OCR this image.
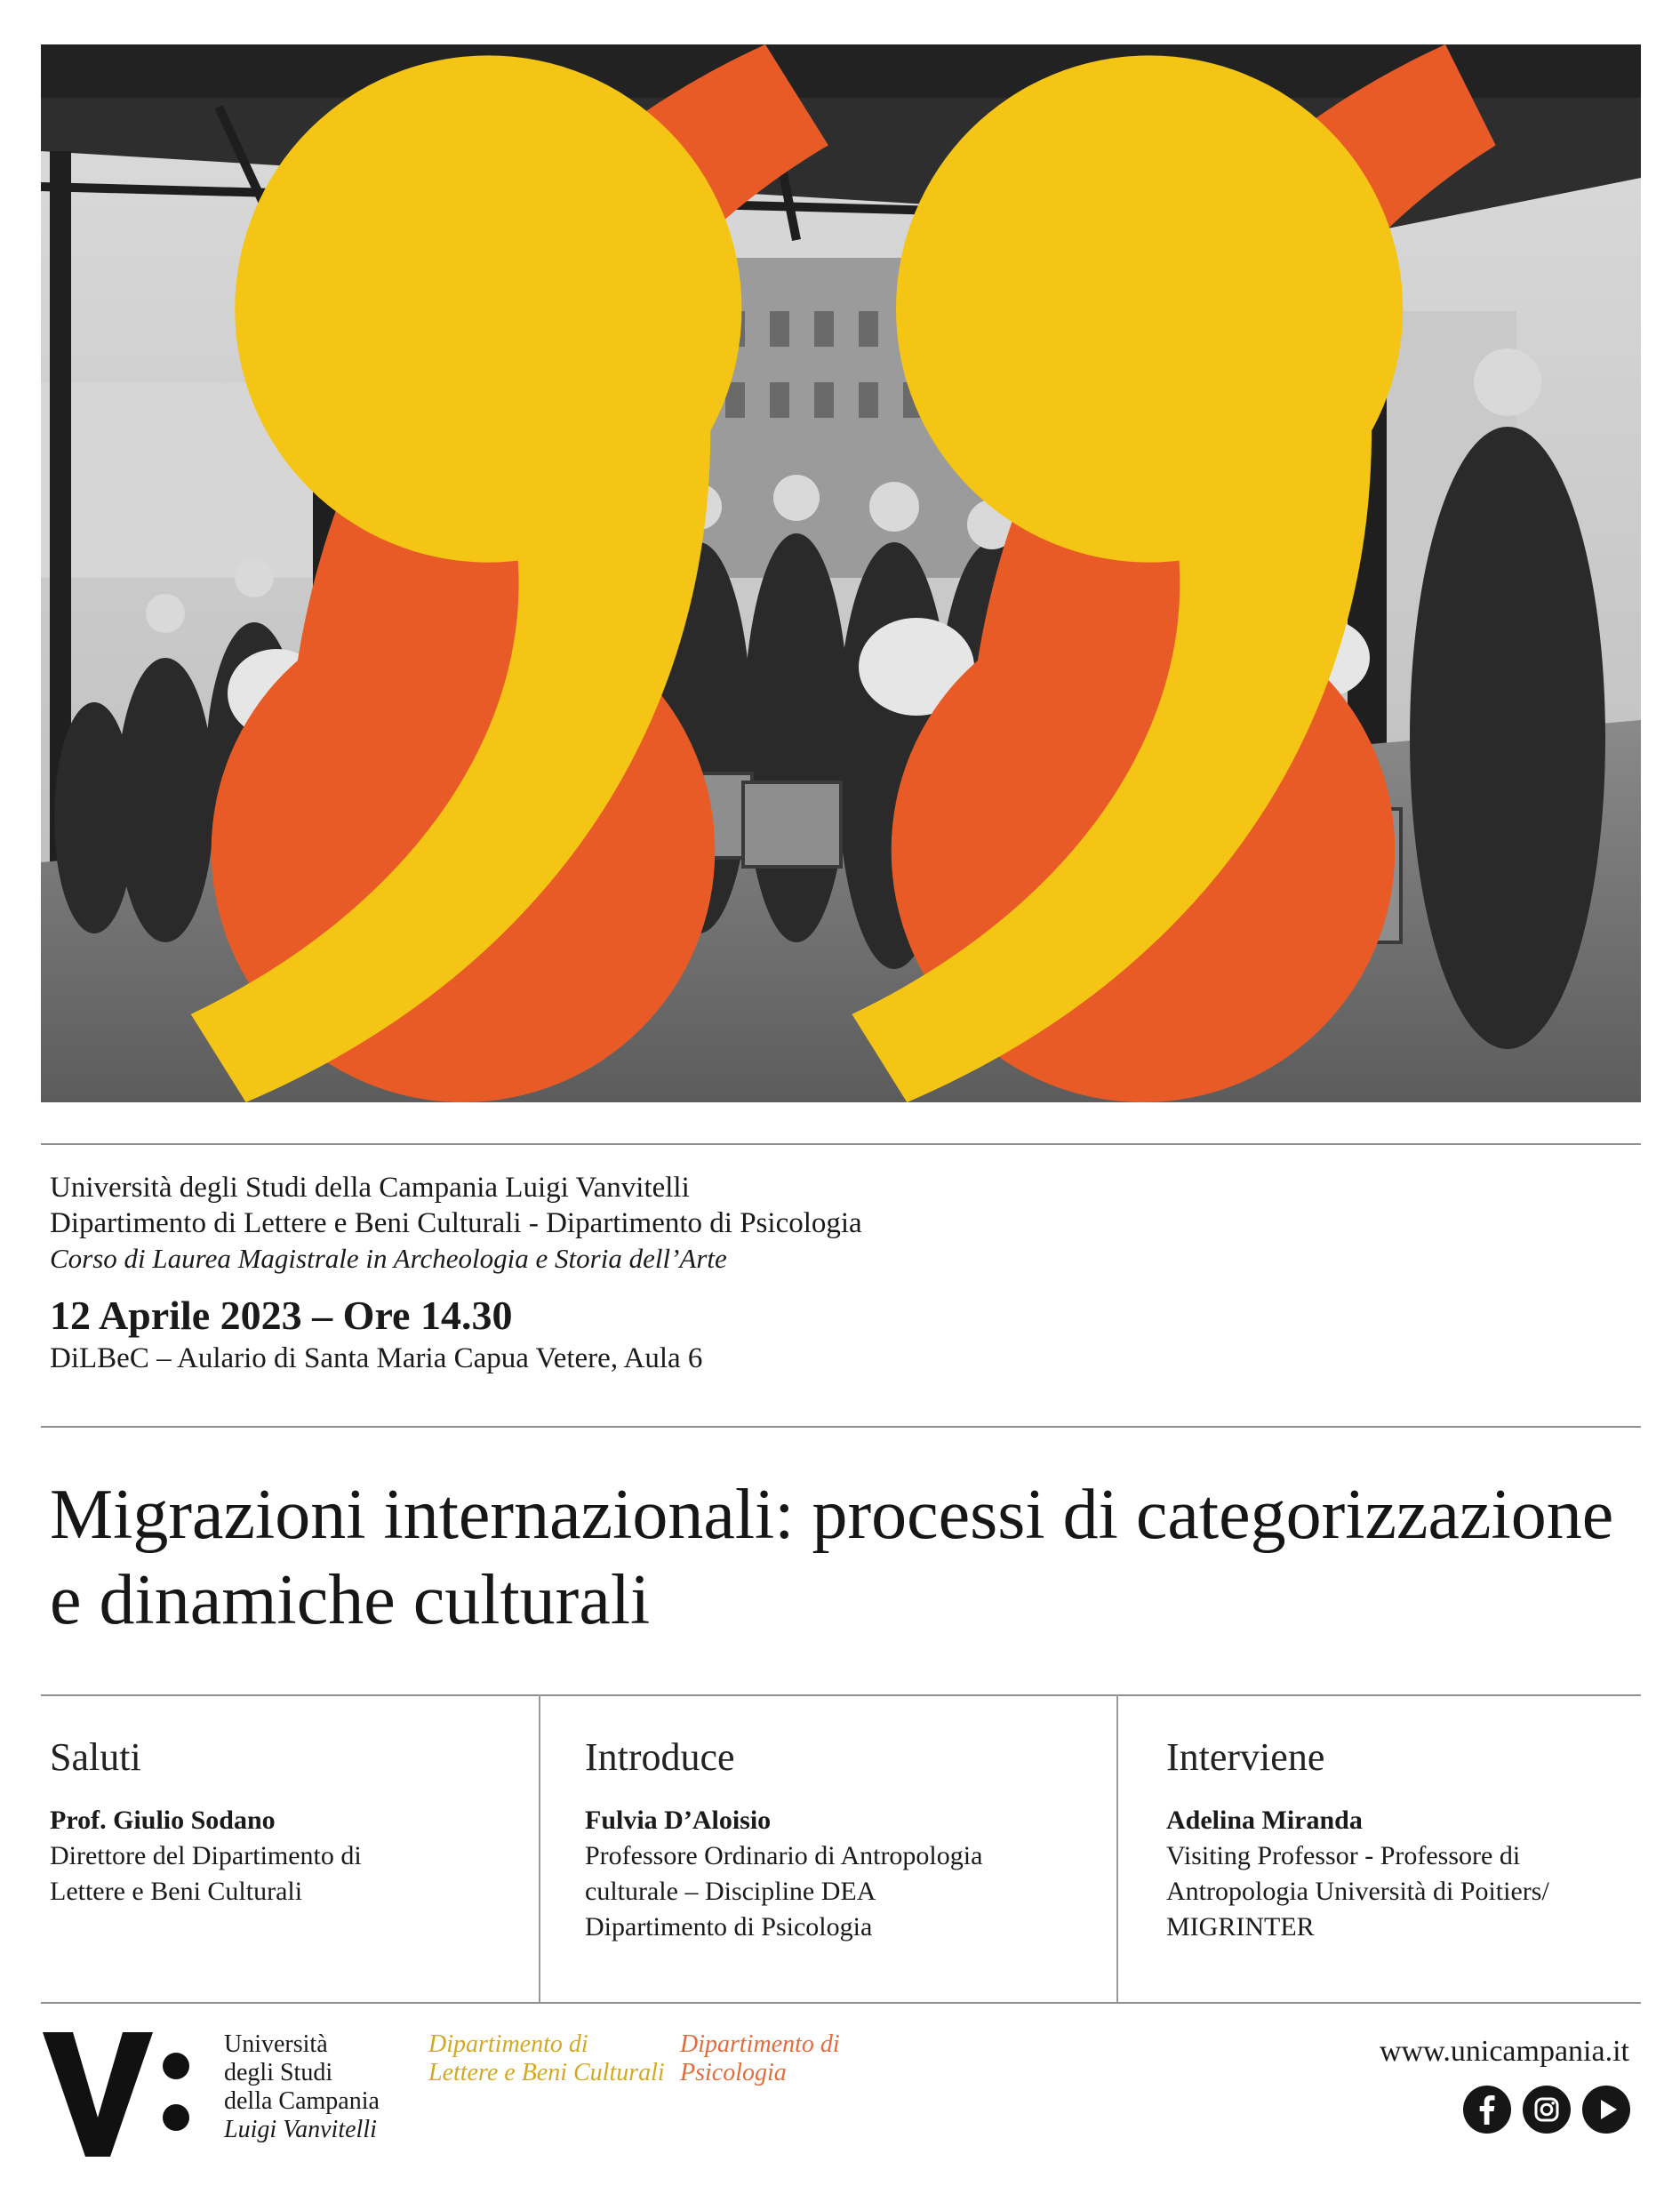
Università degli Studi della Campania Luigi Vanvitelli
Dipartimento di Lettere e Beni Culturali - Dipartimento di Psicologia
Corso di Laurea Magistrale in Archeologia e Storia dell’Arte
12 Aprile 2023 – Ore 14.30
DiLBeC – Aulario di Santa Maria Capua Vetere, Aula 6
Migrazioni internazionali: processi di categorizzazione e dinamiche culturali
Saluti
Prof. Giulio Sodano
Direttore del Dipartimento di
Lettere e Beni Culturali
Introduce
Fulvia D’Aloisio
Professore Ordinario di Antropologia
culturale – Discipline DEA
Dipartimento di Psicologia
Interviene
Adelina Miranda
Visiting Professor - Professore di
Antropologia Università di Poitiers/
MIGRINTER
Università
degli Studi
della Campania
Luigi Vanvitelli
Dipartimento di
Lettere e Beni Culturali
Dipartimento di
Psicologia
www.unicampania.it
